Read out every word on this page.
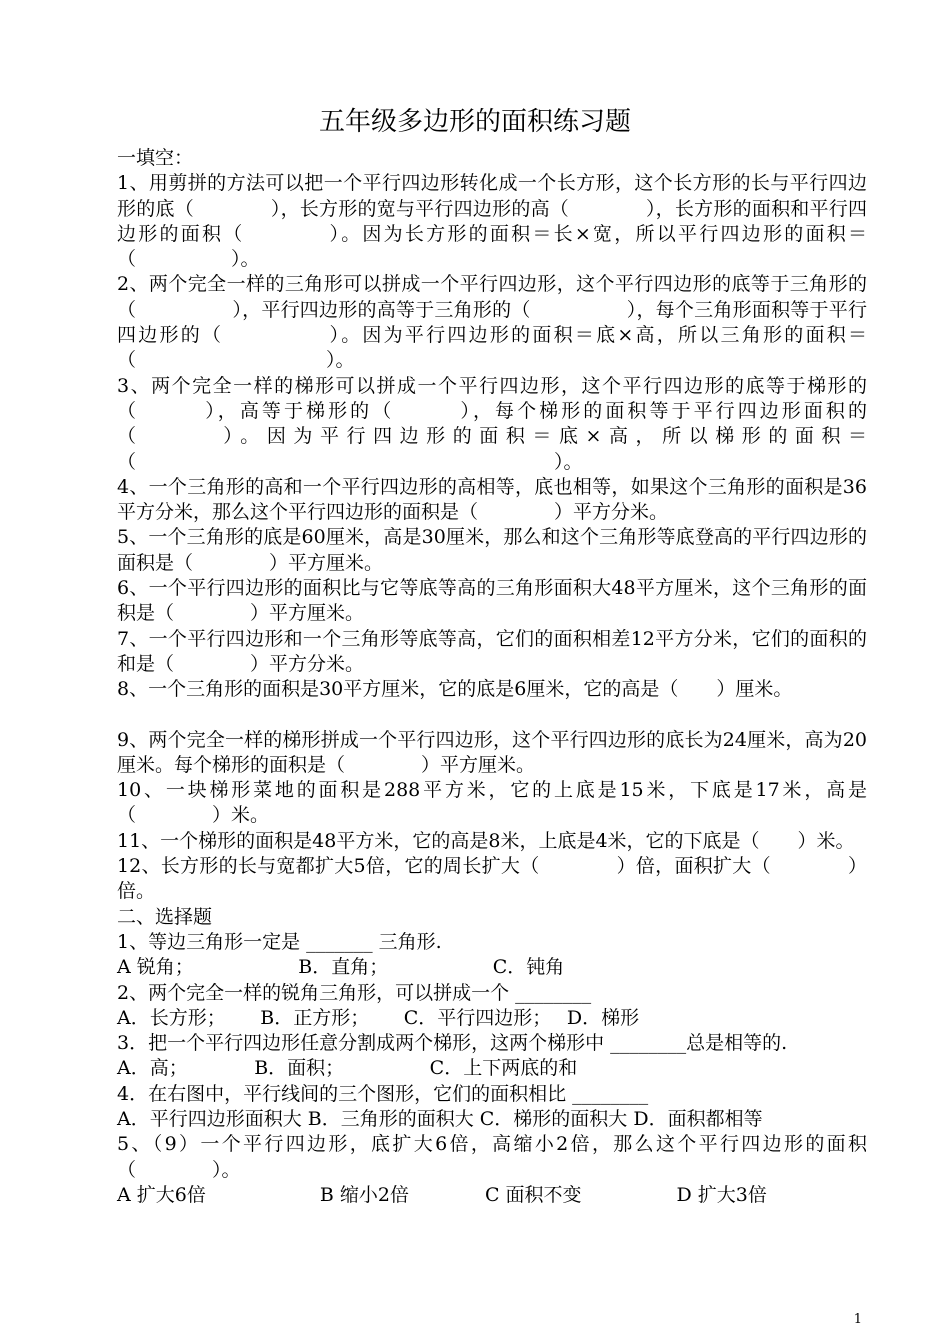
五年级多边形的面积练习题

一填空：

1、用剪拼的方法可以把一个平行四边形转化成一个长方形，这个长方形的长与平行四边形的底（　　　　），长方形的宽与平行四边形的高（　　　　），长方形的面积和平行四边形的面积（　　　　）。因为长方形的面积＝长×宽，所以平行四边形的面积＝（　　　　　）。

2、两个完全一样的三角形可以拼成一个平行四边形，这个平行四边形的底等于三角形的（　　　　　），平行四边形的高等于三角形的（　　　　　），每个三角形面积等于平行四边形的（　　　　　）。因为平行四边形的面积＝底×高，所以三角形的面积＝（　　　　　　　　　　）。

3、两个完全一样的梯形可以拼成一个平行四边形，这个平行四边形的底等于梯形的（　　　），高等于梯形的（　　　），每个梯形的面积等于平行四边形面积的（　　　）。因为平行四边形的面积＝底×高，所以梯形的面积＝（　　　　　　　　　　　　　　　　　　　　　　）。

4、一个三角形的高和一个平行四边形的高相等，底也相等，如果这个三角形的面积是36平方分米，那么这个平行四边形的面积是（　　　　）平方分米。

5、一个三角形的底是60厘米，高是30厘米，那么和这个三角形等底登高的平行四边形的面积是（　　　　）平方厘米。

6、一个平行四边形的面积比与它等底等高的三角形面积大48平方厘米，这个三角形的面积是（　　　　）平方厘米。

7、一个平行四边形和一个三角形等底等高，它们的面积相差12平方分米，它们的面积的和是（　　　　）平方分米。

8、一个三角形的面积是30平方厘米，它的底是6厘米，它的高是（　　）厘米。

9、两个完全一样的梯形拼成一个平行四边形，这个平行四边形的底长为24厘米，高为20厘米。每个梯形的面积是（　　　　）平方厘米。

10、一块梯形菜地的面积是288平方米，它的上底是15米，下底是17米，高是（　　　　）米。

11、一个梯形的面积是48平方米，它的高是8米，上底是4米，它的下底是（　　）米。

12、长方形的长与宽都扩大5倍，它的周长扩大（　　　　）倍，面积扩大（　　　　）倍。

二、选择题

1、等边三角形一定是 _______ 三角形.

A 锐角；　　　　　　B．直角；　　　　　　C．钝角

2、两个完全一样的锐角三角形，可以拼成一个 ________

A．长方形；　　 B．正方形；　　 C．平行四边形；　 D．梯形

3．把一个平行四边形任意分割成两个梯形，这两个梯形中 ________总是相等的.

A．高；　　　　B．面积；　　　　　C．上下两底的和

4．在右图中，平行线间的三个图形，它们的面积相比 ________

A．平行四边形面积大 B．三角形的面积大 C．梯形的面积大 D．面积都相等

5、（9）一个平行四边形，底扩大6倍，高缩小2倍，那么这个平行四边形的面积（　　　　）。

A 扩大6倍　　　　　　B 缩小2倍　　　　C 面积不变　　　　　D 扩大3倍

1
